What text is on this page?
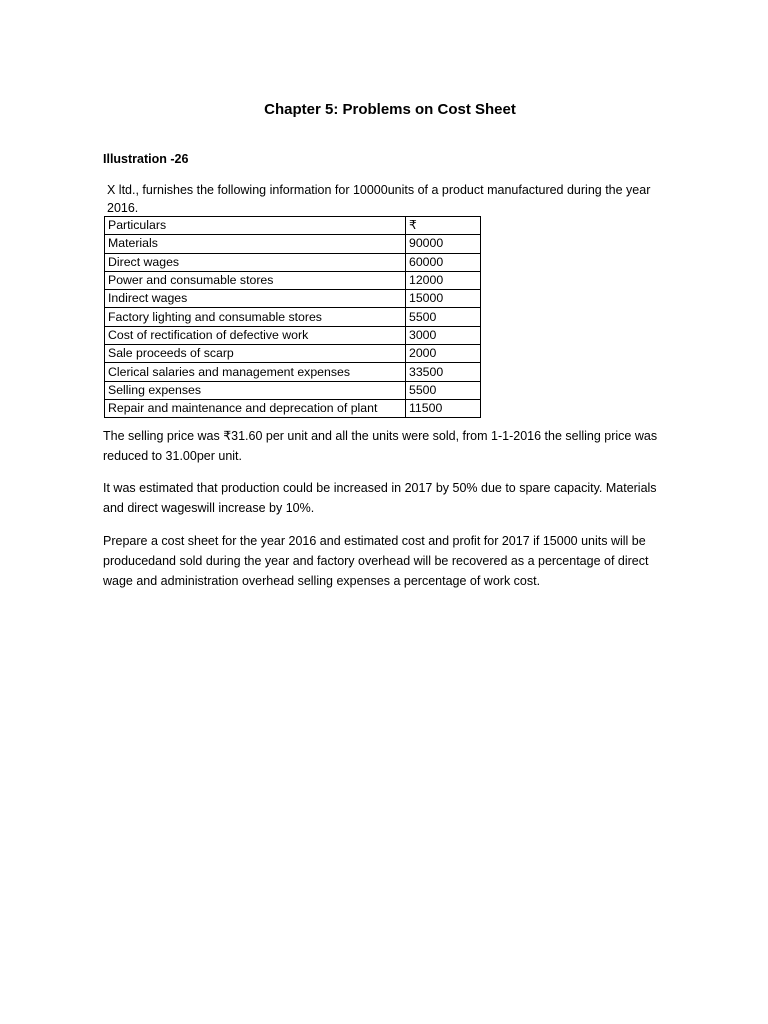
Chapter 5: Problems on Cost Sheet
Illustration -26
X ltd., furnishes the following information for 10000units of a product manufactured during the year 2016.
Particulars	₹
Materials	90000
Direct wages	60000
Power and consumable stores	12000
Indirect wages	15000
Factory lighting and consumable stores	5500
Cost of rectification of defective work	3000
Sale proceeds of scarp	2000
Clerical salaries and management expenses	33500
Selling expenses	5500
Repair and maintenance and deprecation of plant	11500
The selling price was ₹31.60 per unit and all the units were sold, from 1-1-2016 the selling price was reduced to 31.00per unit.
It was estimated that production could be increased in 2017 by 50% due to spare capacity. Materials and direct wageswill increase by 10%.
Prepare a cost sheet for the year 2016 and estimated cost and profit for 2017 if 15000 units will be producedand sold during the year and factory overhead will be recovered as a percentage of direct wage and administration overhead selling expenses a percentage of work cost.
